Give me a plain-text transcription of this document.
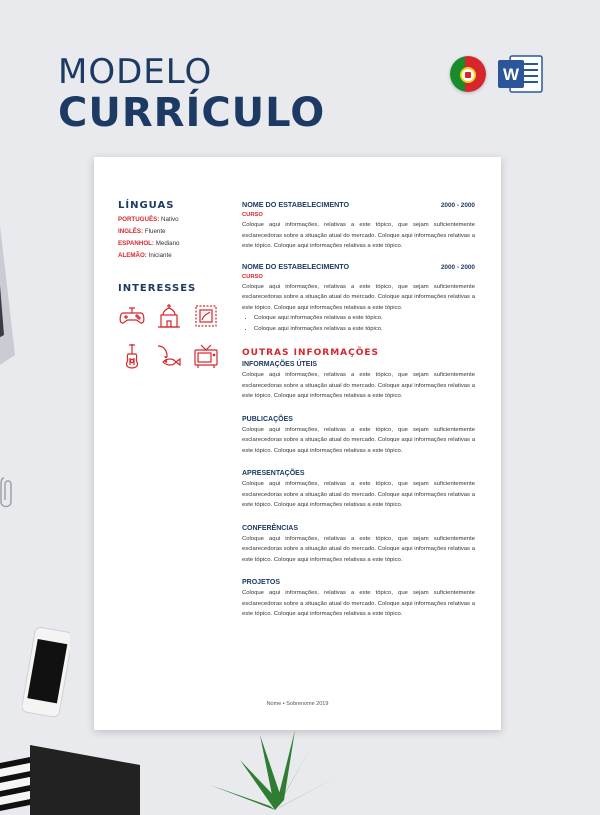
MODELO
CURRÍCULO
W
LÍNGUAS
PORTUGUÊS: Nativo
INGLÊS: Fluente
ESPANHOL: Mediano
ALEMÃO: Iniciante
INTERESSES
NOME DO ESTABELECIMENTO	2000 - 2000
CURSO
Coloque aqui informações, relativas a este tópico, que sejam suficientemente esclarecedoras sobre a situação atual do mercado. Coloque aqui informações relativas a este tópico. Coloque aqui informações relativas a este tópico.
NOME DO ESTABELECIMENTO	2000 - 2000
CURSO
Coloque aqui informações, relativas a este tópico, que sejam suficientemente esclarecedoras sobre a situação atual do mercado. Coloque aqui informações relativas a este tópico. Coloque aqui informações relativas a este tópico.
• Coloque aqui informações relativas a este tópico.
• Coloque aqui informações relativas a este tópico.
OUTRAS INFORMAÇÕES
INFORMAÇÕES ÚTEIS
Coloque aqui informações, relativas a este tópico, que sejam suficientemente esclarecedoras sobre a situação atual do mercado. Coloque aqui informações relativas a este tópico. Coloque aqui informações relativas a este tópico.
PUBLICAÇÕES
Coloque aqui informações, relativas a este tópico, que sejam suficientemente esclarecedoras sobre a situação atual do mercado. Coloque aqui informações relativas a este tópico. Coloque aqui informações relativas a este tópico.
APRESENTAÇÕES
Coloque aqui informações, relativas a este tópico, que sejam suficientemente esclarecedoras sobre a situação atual do mercado. Coloque aqui informações relativas a este tópico. Coloque aqui informações relativas a este tópico.
CONFERÊNCIAS
Coloque aqui informações, relativas a este tópico, que sejam suficientemente esclarecedoras sobre a situação atual do mercado. Coloque aqui informações relativas a este tópico. Coloque aqui informações relativas a este tópico.
PROJETOS
Coloque aqui informações, relativas a este tópico, que sejam suficientemente esclarecedoras sobre a situação atual do mercado. Coloque aqui informações relativas a este tópico. Coloque aqui informações relativas a este tópico.
Nome • Sobrenome 2019
